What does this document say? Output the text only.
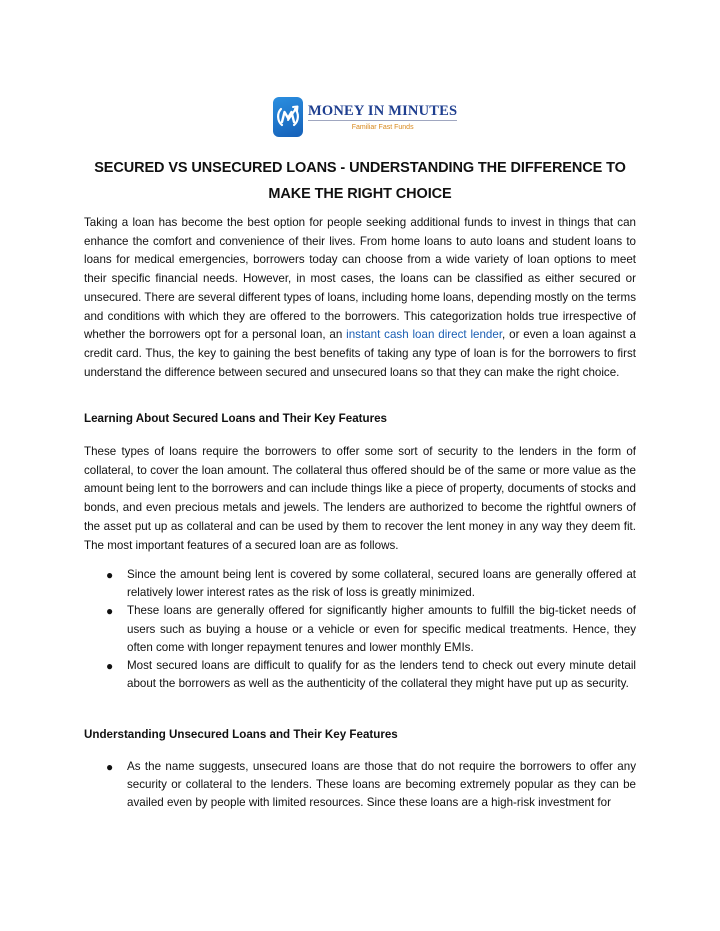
MONEY IN MINUTES
Familiar Fast Funds
SECURED VS UNSECURED LOANS - UNDERSTANDING THE DIFFERENCE TO MAKE THE RIGHT CHOICE

Taking a loan has become the best option for people seeking additional funds to invest in things that can enhance the comfort and convenience of their lives. From home loans to auto loans and student loans to loans for medical emergencies, borrowers today can choose from a wide variety of loan options to meet their specific financial needs. However, in most cases, the loans can be classified as either secured or unsecured. There are several different types of loans, including home loans, depending mostly on the terms and conditions with which they are offered to the borrowers. This categorization holds true irrespective of whether the borrowers opt for a personal loan, an instant cash loan direct lender, or even a loan against a credit card. Thus, the key to gaining the best benefits of taking any type of loan is for the borrowers to first understand the difference between secured and unsecured loans so that they can make the right choice.

Learning About Secured Loans and Their Key Features

These types of loans require the borrowers to offer some sort of security to the lenders in the form of collateral, to cover the loan amount. The collateral thus offered should be of the same or more value as the amount being lent to the borrowers and can include things like a piece of property, documents of stocks and bonds, and even precious metals and jewels. The lenders are authorized to become the rightful owners of the asset put up as collateral and can be used by them to recover the lent money in any way they deem fit. The most important features of a secured loan are as follows.

● Since the amount being lent is covered by some collateral, secured loans are generally offered at relatively lower interest rates as the risk of loss is greatly minimized.
● These loans are generally offered for significantly higher amounts to fulfill the big-ticket needs of users such as buying a house or a vehicle or even for specific medical treatments. Hence, they often come with longer repayment tenures and lower monthly EMIs.
● Most secured loans are difficult to qualify for as the lenders tend to check out every minute detail about the borrowers as well as the authenticity of the collateral they might have put up as security.
Understanding Unsecured Loans and Their Key Features
● As the name suggests, unsecured loans are those that do not require the borrowers to offer any security or collateral to the lenders. These loans are becoming extremely popular as they can be availed even by people with limited resources. Since these loans are a high-risk investment for
